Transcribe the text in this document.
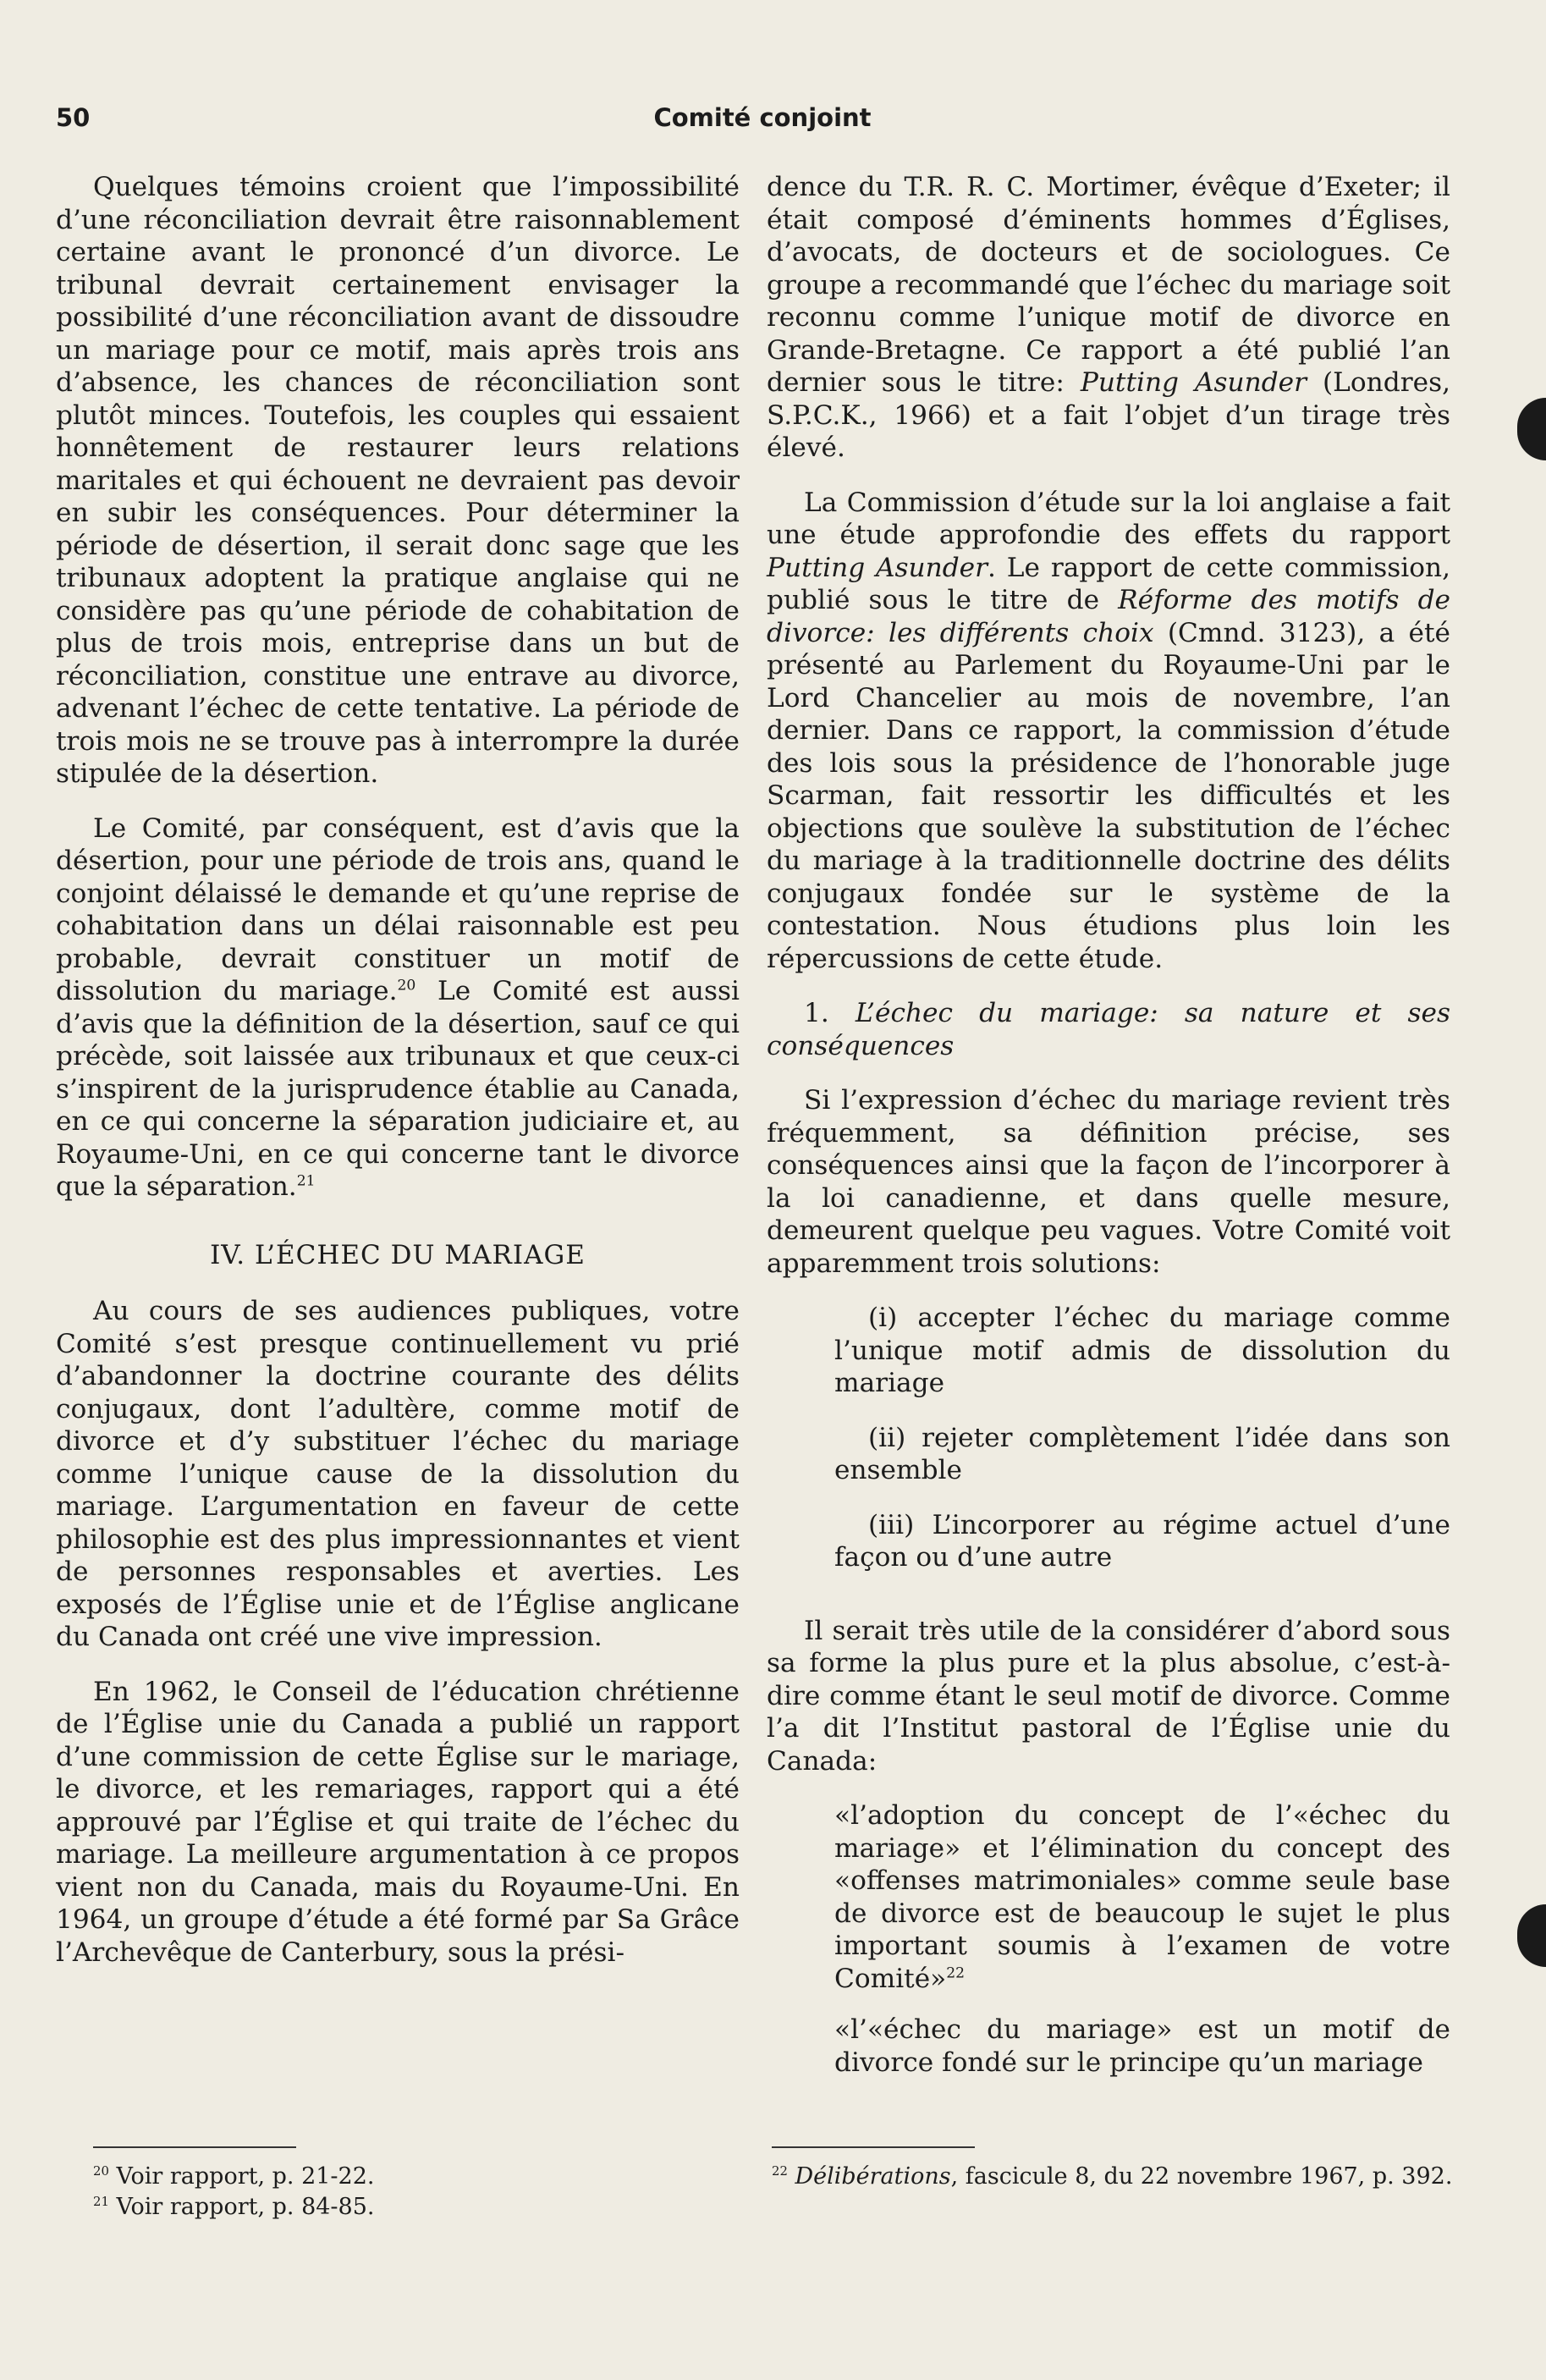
50	Comité conjoint

Quelques témoins croient que l’impossibilité d’une réconciliation devrait être raisonnablement certaine avant le prononcé d’un divorce. Le tribunal devrait certainement envisager la possibilité d’une réconciliation avant de dissoudre un mariage pour ce motif, mais après trois ans d’absence, les chances de réconciliation sont plutôt minces. Toutefois, les couples qui essaient honnêtement de restaurer leurs relations maritales et qui échouent ne devraient pas devoir en subir les conséquences. Pour déterminer la période de désertion, il serait donc sage que les tribunaux adoptent la pratique anglaise qui ne considère pas qu’une période de cohabitation de plus de trois mois, entreprise dans un but de réconciliation, constitue une entrave au divorce, advenant l’échec de cette tentative. La période de trois mois ne se trouve pas à interrompre la durée stipulée de la désertion.

Le Comité, par conséquent, est d’avis que la désertion, pour une période de trois ans, quand le conjoint délaissé le demande et qu’une reprise de cohabitation dans un délai raisonnable est peu probable, devrait constituer un motif de dissolution du mariage.$^{20}$ Le Comité est aussi d’avis que la définition de la désertion, sauf ce qui précède, soit laissée aux tribunaux et que ceux-ci s’inspirent de la jurisprudence établie au Canada, en ce qui concerne la séparation judiciaire et, au Royaume-Uni, en ce qui concerne tant le divorce que la séparation.$^{21}$

IV. L’ÉCHEC DU MARIAGE

Au cours de ses audiences publiques, votre Comité s’est presque continuellement vu prié d’abandonner la doctrine courante des délits conjugaux, dont l’adultère, comme motif de divorce et d’y substituer l’échec du mariage comme l’unique cause de la dissolution du mariage. L’argumentation en faveur de cette philosophie est des plus impressionnantes et vient de personnes responsables et averties. Les exposés de l’Église unie et de l’Église anglicane du Canada ont créé une vive impression.

En 1962, le Conseil de l’éducation chrétienne de l’Église unie du Canada a publié un rapport d’une commission de cette Église sur le mariage, le divorce, et les remariages, rapport qui a été approuvé par l’Église et qui traite de l’échec du mariage. La meilleure argumentation à ce propos vient non du Canada, mais du Royaume-Uni. En 1964, un groupe d’étude a été formé par Sa Grâce l’Archevêque de Canterbury, sous la prési-

dence du T.R. R. C. Mortimer, évêque d’Exeter; il était composé d’éminents hommes d’Églises, d’avocats, de docteurs et de sociologues. Ce groupe a recommandé que l’échec du mariage soit reconnu comme l’unique motif de divorce en Grande-Bretagne. Ce rapport a été publié l’an dernier sous le titre: Putting Asunder (Londres, S.P.C.K., 1966) et a fait l’objet d’un tirage très élevé.

La Commission d’étude sur la loi anglaise a fait une étude approfondie des effets du rapport Putting Asunder. Le rapport de cette commission, publié sous le titre de Réforme des motifs de divorce: les différents choix (Cmnd. 3123), a été présenté au Parlement du Royaume-Uni par le Lord Chancelier au mois de novembre, l’an dernier. Dans ce rapport, la commission d’étude des lois sous la présidence de l’honorable juge Scarman, fait ressortir les difficultés et les objections que soulève la substitution de l’échec du mariage à la traditionnelle doctrine des délits conjugaux fondée sur le système de la contestation. Nous étudions plus loin les répercussions de cette étude.

1. L’échec du mariage: sa nature et ses conséquences

Si l’expression d’échec du mariage revient très fréquemment, sa définition précise, ses conséquences ainsi que la façon de l’incorporer à la loi canadienne, et dans quelle mesure, demeurent quelque peu vagues. Votre Comité voit apparemment trois solutions:

(i) accepter l’échec du mariage comme l’unique motif admis de dissolution du mariage
(ii) rejeter complètement l’idée dans son ensemble
(iii) L’incorporer au régime actuel d’une façon ou d’une autre

Il serait très utile de la considérer d’abord sous sa forme la plus pure et la plus absolue, c’est-à-dire comme étant le seul motif de divorce. Comme l’a dit l’Institut pastoral de l’Église unie du Canada:

«l’adoption du concept de l’«échec du mariage» et l’élimination du concept des «offenses matrimoniales» comme seule base de divorce est de beaucoup le sujet le plus important soumis à l’examen de votre Comité»$^{22}$
«l’«échec du mariage» est un motif de divorce fondé sur le principe qu’un mariage
$^{20}$ Voir rapport, p. 21-22.
$^{21}$ Voir rapport, p. 84-85.
$^{22}$ Délibérations, fascicule 8, du 22 novembre 1967, p. 392.
